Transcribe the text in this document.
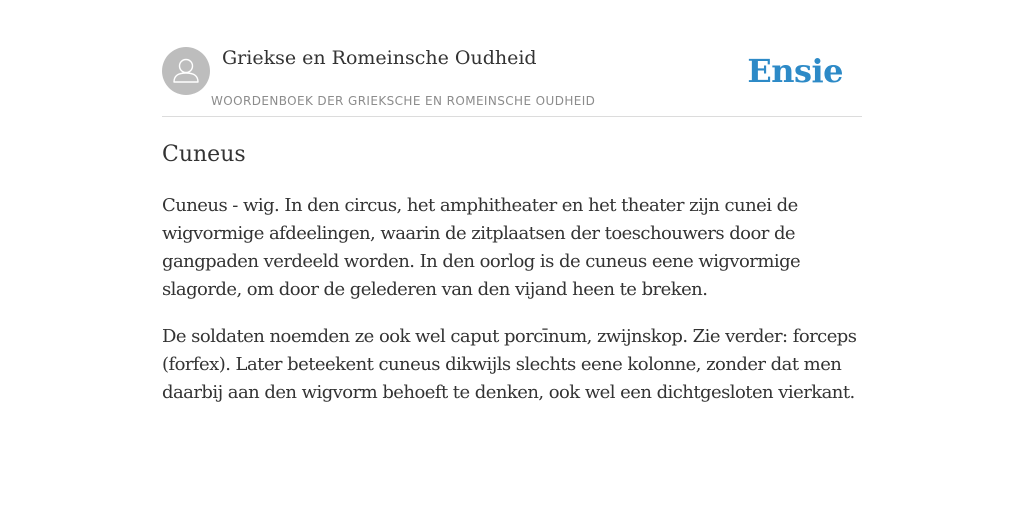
Griekse en Romeinsche Oudheid
WOORDENBOEK DER GRIEKSCHE EN ROMEINSCHE OUDHEID
Ensie
Cuneus

Cuneus - wig. In den circus, het amphitheater en het theater zijn cunei de wigvormige afdeelingen, waarin de zitplaatsen der toeschouwers door de gangpaden verdeeld worden. In den oorlog is de cuneus eene wigvormige slagorde, om door de gelederen van den vijand heen te breken.

De soldaten noemden ze ook wel caput porcīnum, zwijnskop. Zie verder: forceps (forfex). Later beteekent cuneus dikwijls slechts eene kolonne, zonder dat men daarbij aan den wigvorm behoeft te denken, ook wel een dichtgesloten vierkant.
